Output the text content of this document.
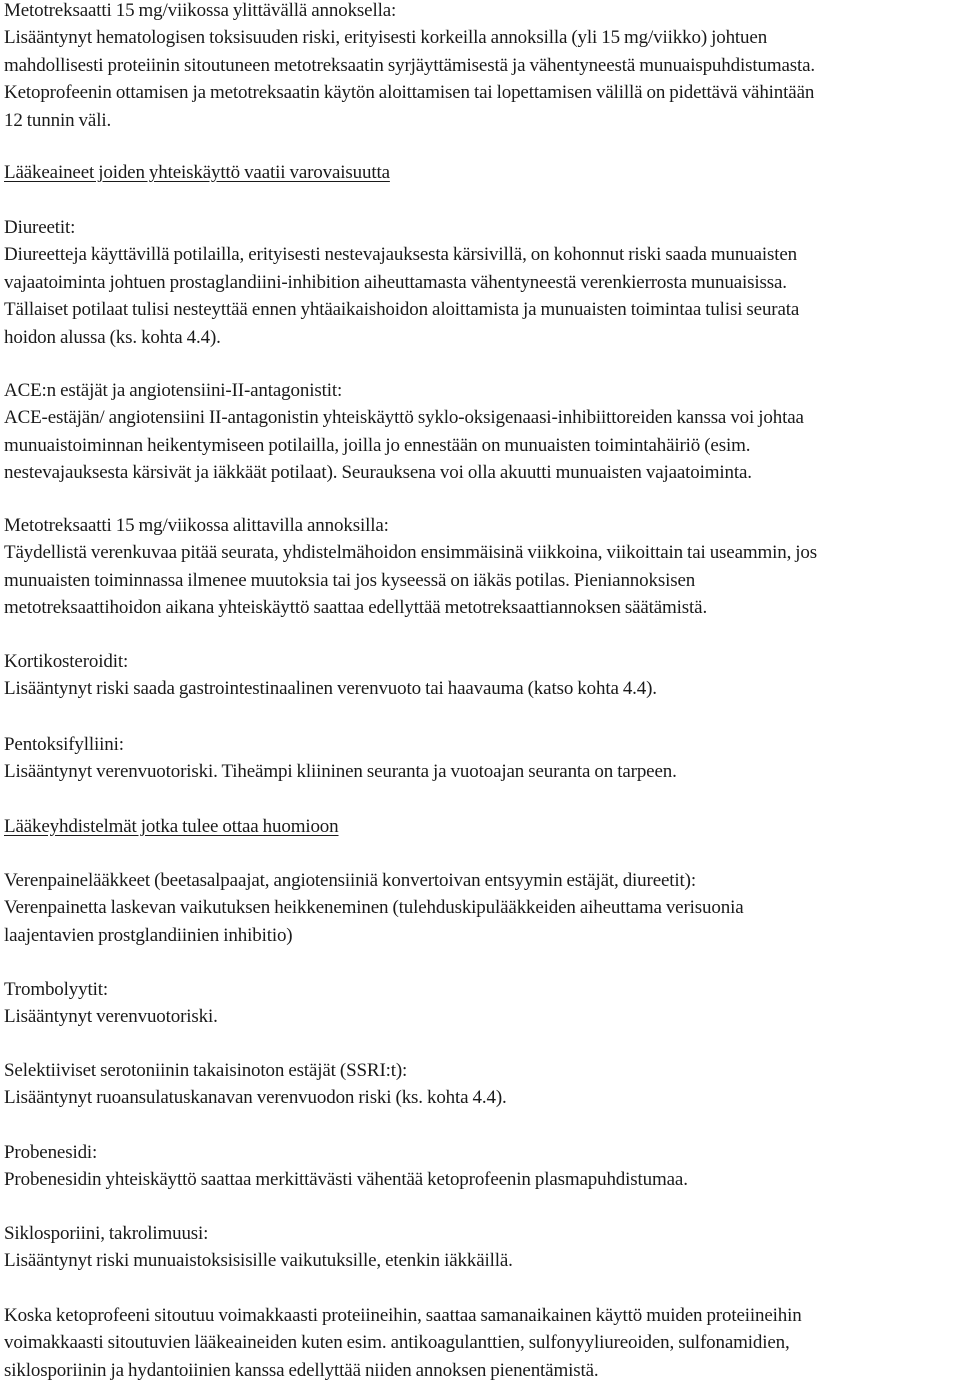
Metotreksaatti 15 mg/viikossa ylittävällä annoksella:
Lisääntynyt hematologisen toksisuuden riski, erityisesti korkeilla annoksilla (yli 15 mg/viikko) johtuen
mahdollisesti proteiinin sitoutuneen metotreksaatin syrjäyttämisestä ja vähentyneestä munuaispuhdistumasta.
Ketoprofeenin ottamisen ja metotreksaatin käytön aloittamisen tai lopettamisen välillä on pidettävä vähintään
12 tunnin väli.
Lääkeaineet joiden yhteiskäyttö vaatii varovaisuutta
Diureetit:
Diureetteja käyttävillä potilailla, erityisesti nestevajauksesta kärsivillä, on kohonnut riski saada munuaisten
vajaatoiminta johtuen prostaglandiini-inhibition aiheuttamasta vähentyneestä verenkierrosta munuaisissa.
Tällaiset potilaat tulisi nesteyttää ennen yhtäaikaishoidon aloittamista ja munuaisten toimintaa tulisi seurata
hoidon alussa (ks. kohta 4.4).
ACE:n estäjät ja angiotensiini-II-antagonistit:
ACE-estäjän/ angiotensiini II-antagonistin yhteiskäyttö syklo-oksigenaasi-inhibiittoreiden kanssa voi johtaa
munuaistoiminnan heikentymiseen potilailla, joilla jo ennestään on munuaisten toimintahäiriö (esim.
nestevajauksesta kärsivät ja iäkkäät potilaat). Seurauksena voi olla akuutti munuaisten vajaatoiminta.
Metotreksaatti 15 mg/viikossa alittavilla annoksilla:
Täydellistä verenkuvaa pitää seurata, yhdistelmähoidon ensimmäisinä viikkoina, viikoittain tai useammin, jos
munuaisten toiminnassa ilmenee muutoksia tai jos kyseessä on iäkäs potilas. Pieniannoksisen
metotreksaattihoidon aikana yhteiskäyttö saattaa edellyttää metotreksaattiannoksen säätämistä.
Kortikosteroidit:
Lisääntynyt riski saada gastrointestinaalinen verenvuoto tai haavauma (katso kohta 4.4).
Pentoksifylliini:
Lisääntynyt verenvuotoriski. Tiheämpi kliininen seuranta ja vuotoajan seuranta on tarpeen.
Lääkeyhdistelmät jotka tulee ottaa huomioon
Verenpainelääkkeet (beetasalpaajat, angiotensiiniä konvertoivan entsyymin estäjät, diureetit):
Verenpainetta laskevan vaikutuksen heikkeneminen (tulehduskipulääkkeiden aiheuttama verisuonia
laajentavien prostglandiinien inhibitio)
Trombolyytit:
Lisääntynyt verenvuotoriski.
Selektiiviset serotoniinin takaisinoton estäjät (SSRI:t):
Lisääntynyt ruoansulatuskanavan verenvuodon riski (ks. kohta 4.4).
Probenesidi:
Probenesidin yhteiskäyttö saattaa merkittävästi vähentää ketoprofeenin plasmapuhdistumaa.
Siklosporiini, takrolimuusi:
Lisääntynyt riski munuaistoksisisille vaikutuksille, etenkin iäkkäillä.
Koska ketoprofeeni sitoutuu voimakkaasti proteiineihin, saattaa samanaikainen käyttö muiden proteiineihin
voimakkaasti sitoutuvien lääkeaineiden kuten esim. antikoagulanttien, sulfonyyliureoiden, sulfonamidien,
siklosporiinin ja hydantoiinien kanssa edellyttää niiden annoksen pienentämistä.
